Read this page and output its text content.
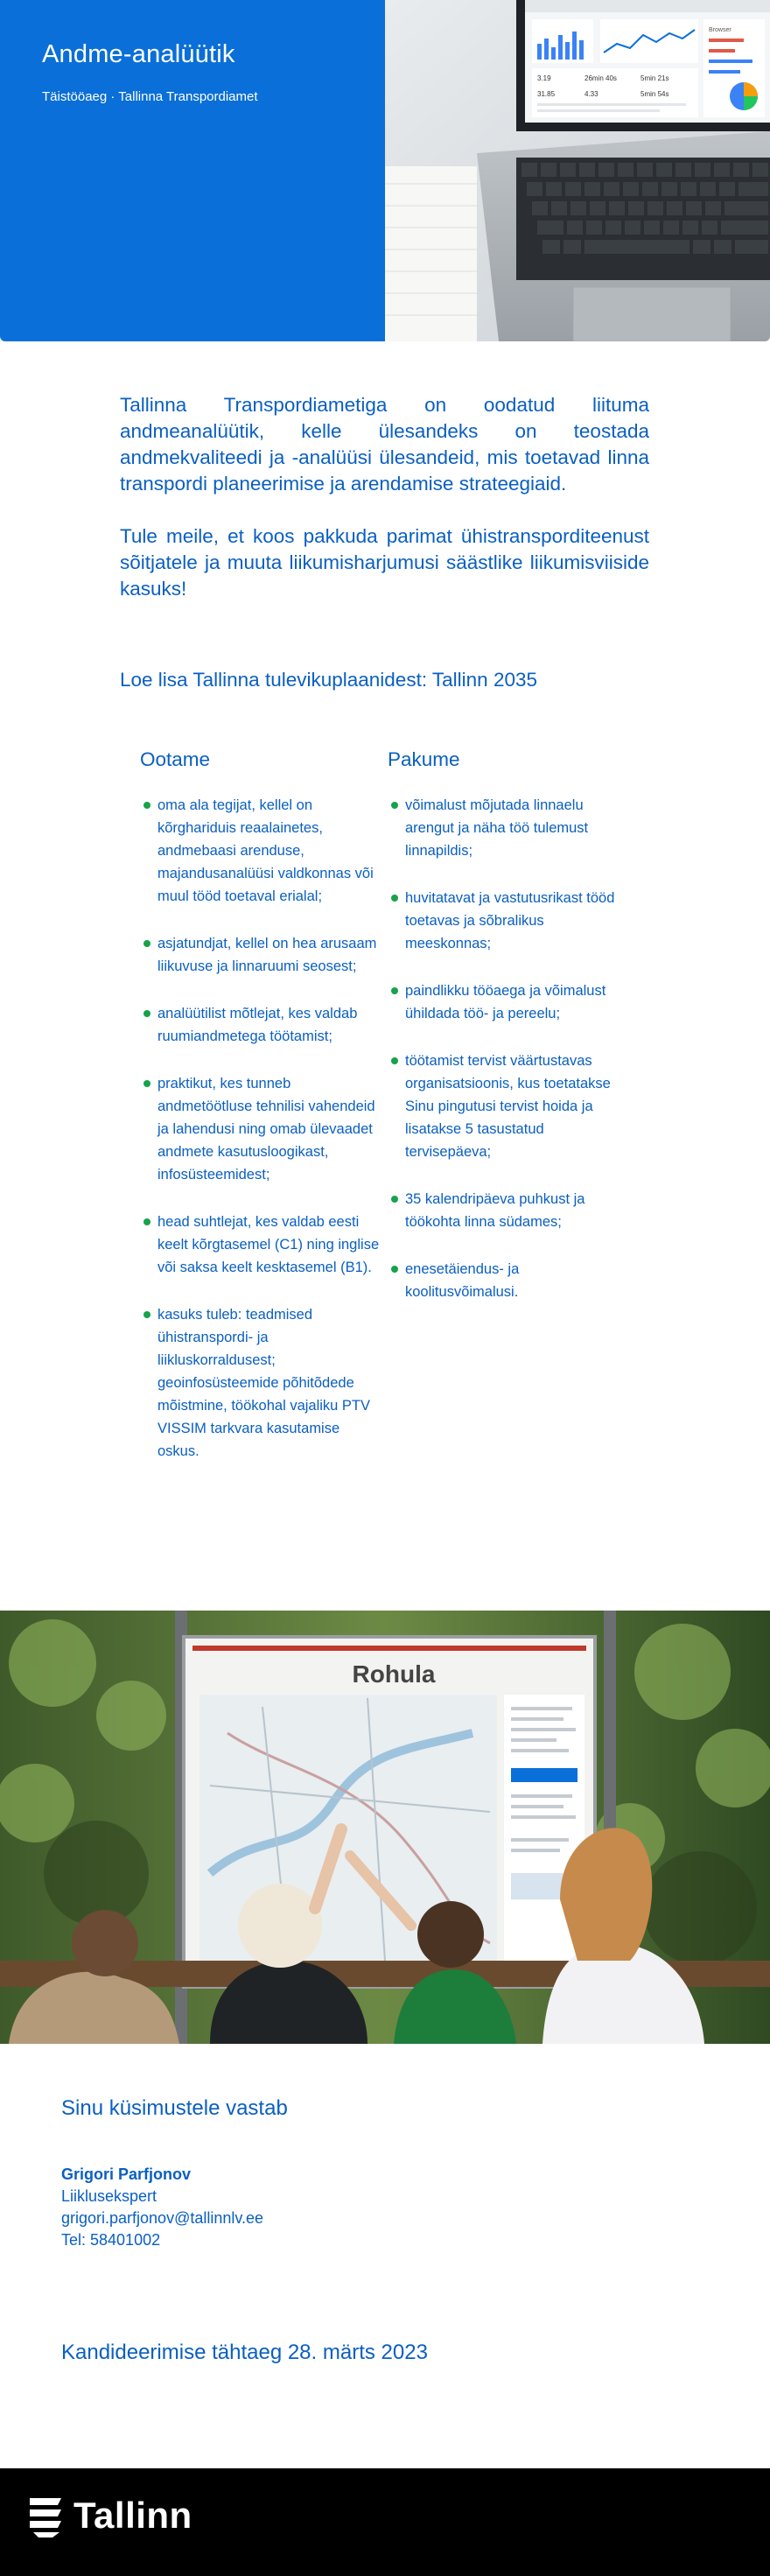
Andme-analüütik
Täistööaeg · Tallinna Transpordiamet
Browser
3.19	26min 40s	5min 21s
31.85	4.33	5min 54s

Tallinna Transpordiametiga on oodatud liituma andmeanalüütik, kelle ülesandeks on teostada andmekvaliteedi ja -analüüsi ülesandeid, mis toetavad linna transpordi planeerimise ja arendamise strateegiaid.

Tule meile, et koos pakkuda parimat ühistransporditeenust sõitjatele ja muuta liikumisharjumusi säästlike liikumisviiside kasuks!

Loe lisa Tallinna tulevikuplaanidest: Tallinn 2035
Ootame
oma ala tegijat, kellel on kõrghariduis reaalainetes, andmebaasi arenduse, majandusanalüüsi valdkonnas või muul tööd toetaval erialal;
asjatundjat, kellel on hea arusaam liikuvuse ja linnaruumi seosest;
analüütilist mõtlejat, kes valdab ruumiandmetega töötamist;
praktikut, kes tunneb andmetöötluse tehnilisi vahendeid ja lahendusi ning omab ülevaadet andmete kasutusloogikast, infosüsteemidest;
head suhtlejat, kes valdab eesti keelt kõrgtasemel (C1) ning inglise või saksa keelt kesktasemel (B1).
kasuks tuleb: teadmised ühistranspordi- ja liikluskorraldusest; geoinfosüsteemide põhitõdede mõistmine, töökohal vajaliku PTV VISSIM tarkvara kasutamise oskus.
Pakume
võimalust mõjutada linnaelu arengut ja näha töö tulemust linnapildis;
huvitatavat ja vastutusrikast tööd toetavas ja sõbralikus meeskonnas;
paindlikku tööaega ja võimalust ühildada töö- ja pereelu;
töötamist tervist väärtustavas organisatsioonis, kus toetatakse Sinu pingutusi tervist hoida ja lisatakse 5 tasustatud tervisepäeva;
35 kalendripäeva puhkust ja töökohta linna südames;
enesetäiendus- ja koolitusvõimalusi.
Rohula
Sinu küsimustele vastab
Grigori Parfjonov
Liiklusekspert
grigori.parfjonov@tallinnlv.ee
Tel: 58401002
Kandideerimise tähtaeg 28. märts 2023
Tallinn
